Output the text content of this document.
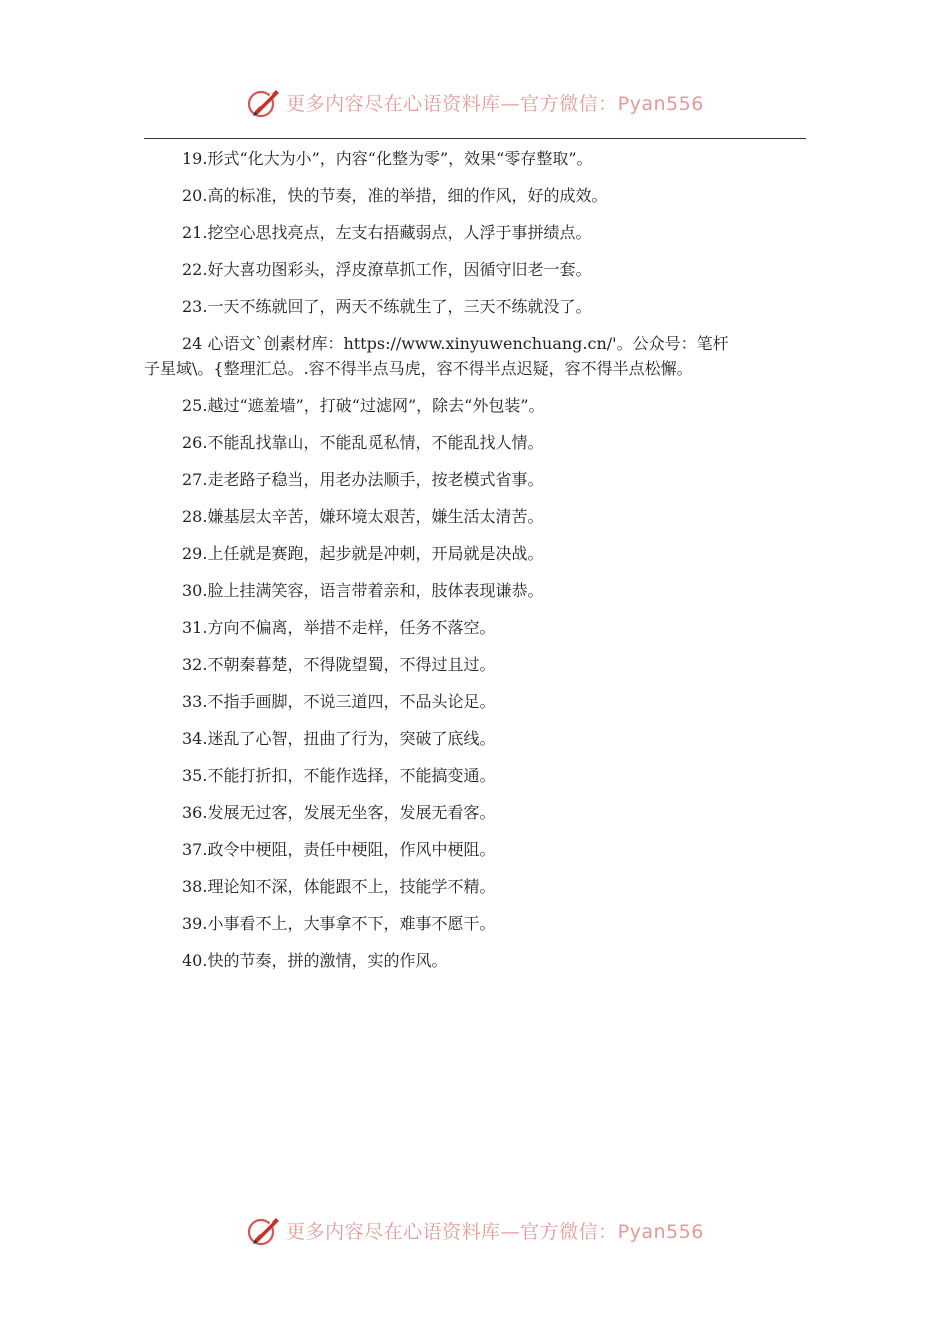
更多内容尽在心语资料库—官方微信：Pyan556
19.形式“化大为小”，内容“化整为零”，效果“零存整取”。
20.高的标准，快的节奏，准的举措，细的作风，好的成效。
21.挖空心思找亮点，左支右捂藏弱点，人浮于事拼绩点。
22.好大喜功图彩头，浮皮潦草抓工作，因循守旧老一套。
23.一天不练就回了，两天不练就生了，三天不练就没了。
24 心语文`创素材库：https://www.xinyuwenchuang.cn/'。公众号：笔杆
子星域\。{整理汇总。.容不得半点马虎，容不得半点迟疑，容不得半点松懈。
25.越过“遮羞墙”，打破“过滤网”，除去“外包装”。
26.不能乱找靠山，不能乱觅私情，不能乱找人情。
27.走老路子稳当，用老办法顺手，按老模式省事。
28.嫌基层太辛苦，嫌环境太艰苦，嫌生活太清苦。
29.上任就是赛跑，起步就是冲刺，开局就是决战。
30.脸上挂满笑容，语言带着亲和，肢体表现谦恭。
31.方向不偏离，举措不走样，任务不落空。
32.不朝秦暮楚，不得陇望蜀，不得过且过。
33.不指手画脚，不说三道四，不品头论足。
34.迷乱了心智，扭曲了行为，突破了底线。
35.不能打折扣，不能作选择，不能搞变通。
36.发展无过客，发展无坐客，发展无看客。
37.政令中梗阻，责任中梗阻，作风中梗阻。
38.理论知不深，体能跟不上，技能学不精。
39.小事看不上，大事拿不下，难事不愿干。
40.快的节奏，拼的激情，实的作风。
更多内容尽在心语资料库—官方微信：Pyan556
